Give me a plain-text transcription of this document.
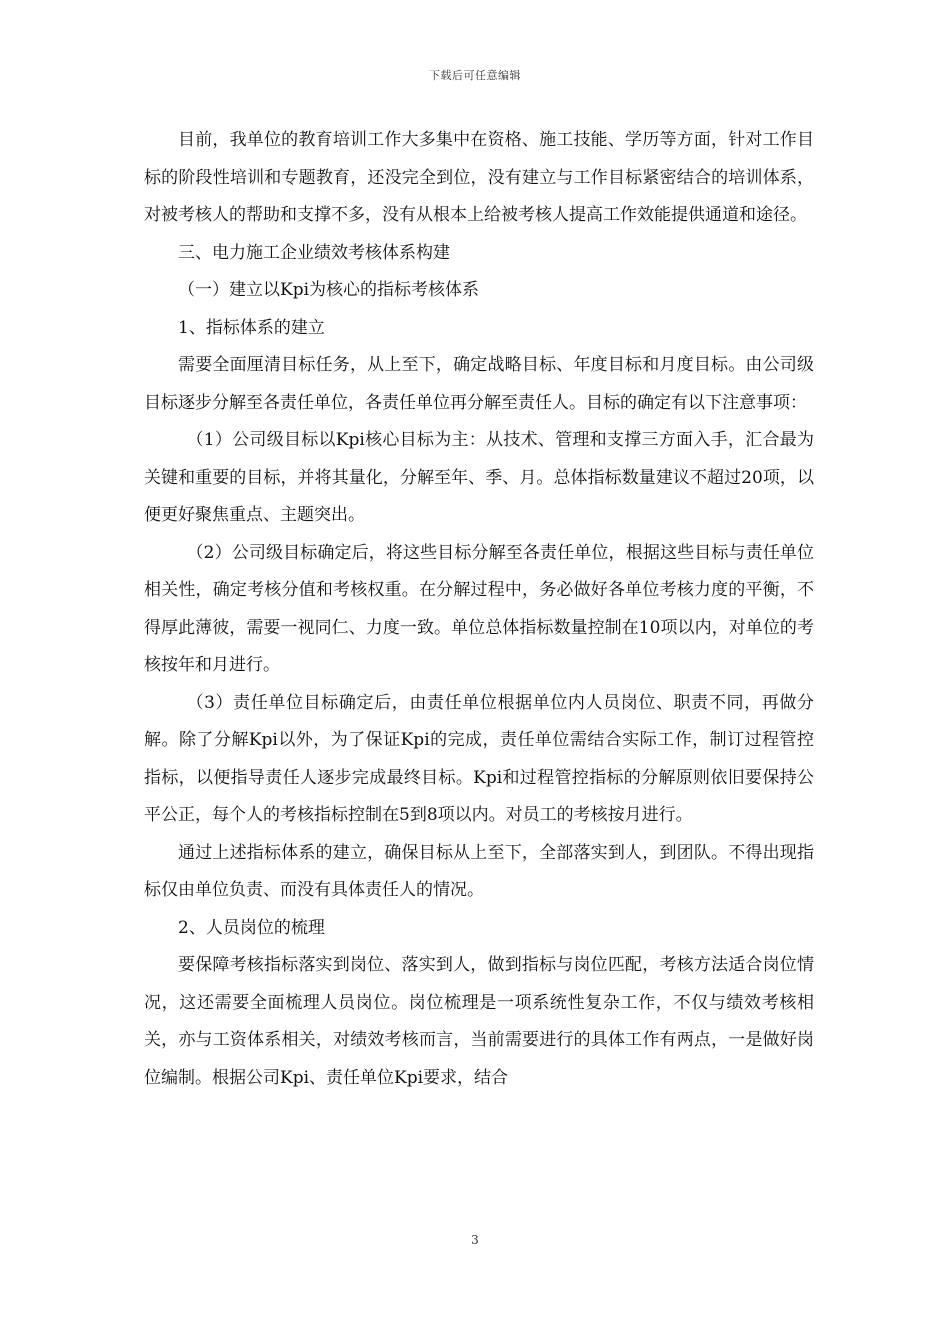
下载后可任意编辑

目前，我单位的教育培训工作大多集中在资格、施工技能、学历等方面，针对工作目标的阶段性培训和专题教育，还没完全到位，没有建立与工作目标紧密结合的培训体系，对被考核人的帮助和支撑不多，没有从根本上给被考核人提高工作效能提供通道和途径。

三、电力施工企业绩效考核体系构建

（一）建立以Kpi为核心的指标考核体系

1、指标体系的建立

需要全面厘清目标任务，从上至下，确定战略目标、年度目标和月度目标。由公司级目标逐步分解至各责任单位，各责任单位再分解至责任人。目标的确定有以下注意事项：

（1）公司级目标以Kpi核心目标为主：从技术、管理和支撑三方面入手，汇合最为关键和重要的目标，并将其量化，分解至年、季、月。总体指标数量建议不超过20项，以便更好聚焦重点、主题突出。

（2）公司级目标确定后，将这些目标分解至各责任单位，根据这些目标与责任单位相关性，确定考核分值和考核权重。在分解过程中，务必做好各单位考核力度的平衡，不得厚此薄彼，需要一视同仁、力度一致。单位总体指标数量控制在10项以内，对单位的考核按年和月进行。

（3）责任单位目标确定后，由责任单位根据单位内人员岗位、职责不同，再做分解。除了分解Kpi以外，为了保证Kpi的完成，责任单位需结合实际工作，制订过程管控指标，以便指导责任人逐步完成最终目标。Kpi和过程管控指标的分解原则依旧要保持公平公正，每个人的考核指标控制在5到8项以内。对员工的考核按月进行。

通过上述指标体系的建立，确保目标从上至下，全部落实到人，到团队。不得出现指标仅由单位负责、而没有具体责任人的情况。

2、人员岗位的梳理

要保障考核指标落实到岗位、落实到人，做到指标与岗位匹配，考核方法适合岗位情况，这还需要全面梳理人员岗位。岗位梳理是一项系统性复杂工作，不仅与绩效考核相关，亦与工资体系相关，对绩效考核而言，当前需要进行的具体工作有两点，一是做好岗位编制。根据公司Kpi、责任单位Kpi要求，结合

3
